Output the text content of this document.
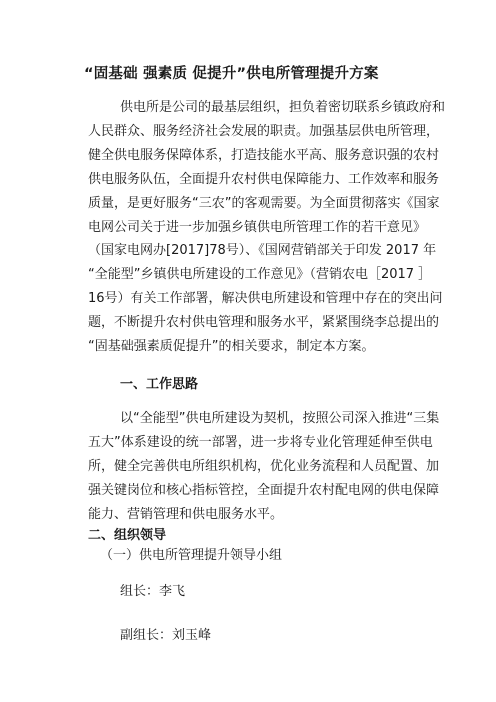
“固基础 强素质 促提升”供电所管理提升方案
供电所是公司的最基层组织，担负着密切联系乡镇政府和
人民群众、服务经济社会发展的职责。加强基层供电所管理，
健全供电服务保障体系，打造技能水平高、服务意识强的农村
供电服务队伍，全面提升农村供电保障能力、工作效率和服务
质量，是更好服务“三农”的客观需要。为全面贯彻落实《国家
电网公司关于进一步加强乡镇供电所管理工作的若干意见》
（国家电网办[2017]78号）、《国网营销部关于印发 2017 年
“全能型”乡镇供电所建设的工作意见》（营销农电［2017 ］
16号）有关工作部署，解决供电所建设和管理中存在的突出问
题，不断提升农村供电管理和服务水平，紧紧围绕李总提出的
“固基础强素质促提升”的相关要求，制定本方案。
一、工作思路
以“全能型”供电所建设为契机，按照公司深入推进“三集
五大”体系建设的统一部署，进一步将专业化管理延伸至供电
所，健全完善供电所组织机构，优化业务流程和人员配置、加
强关键岗位和核心指标管控，全面提升农村配电网的供电保障
能力、营销管理和供电服务水平。
二、组织领导
（一）供电所管理提升领导小组
组长：李飞
副组长：刘玉峰
